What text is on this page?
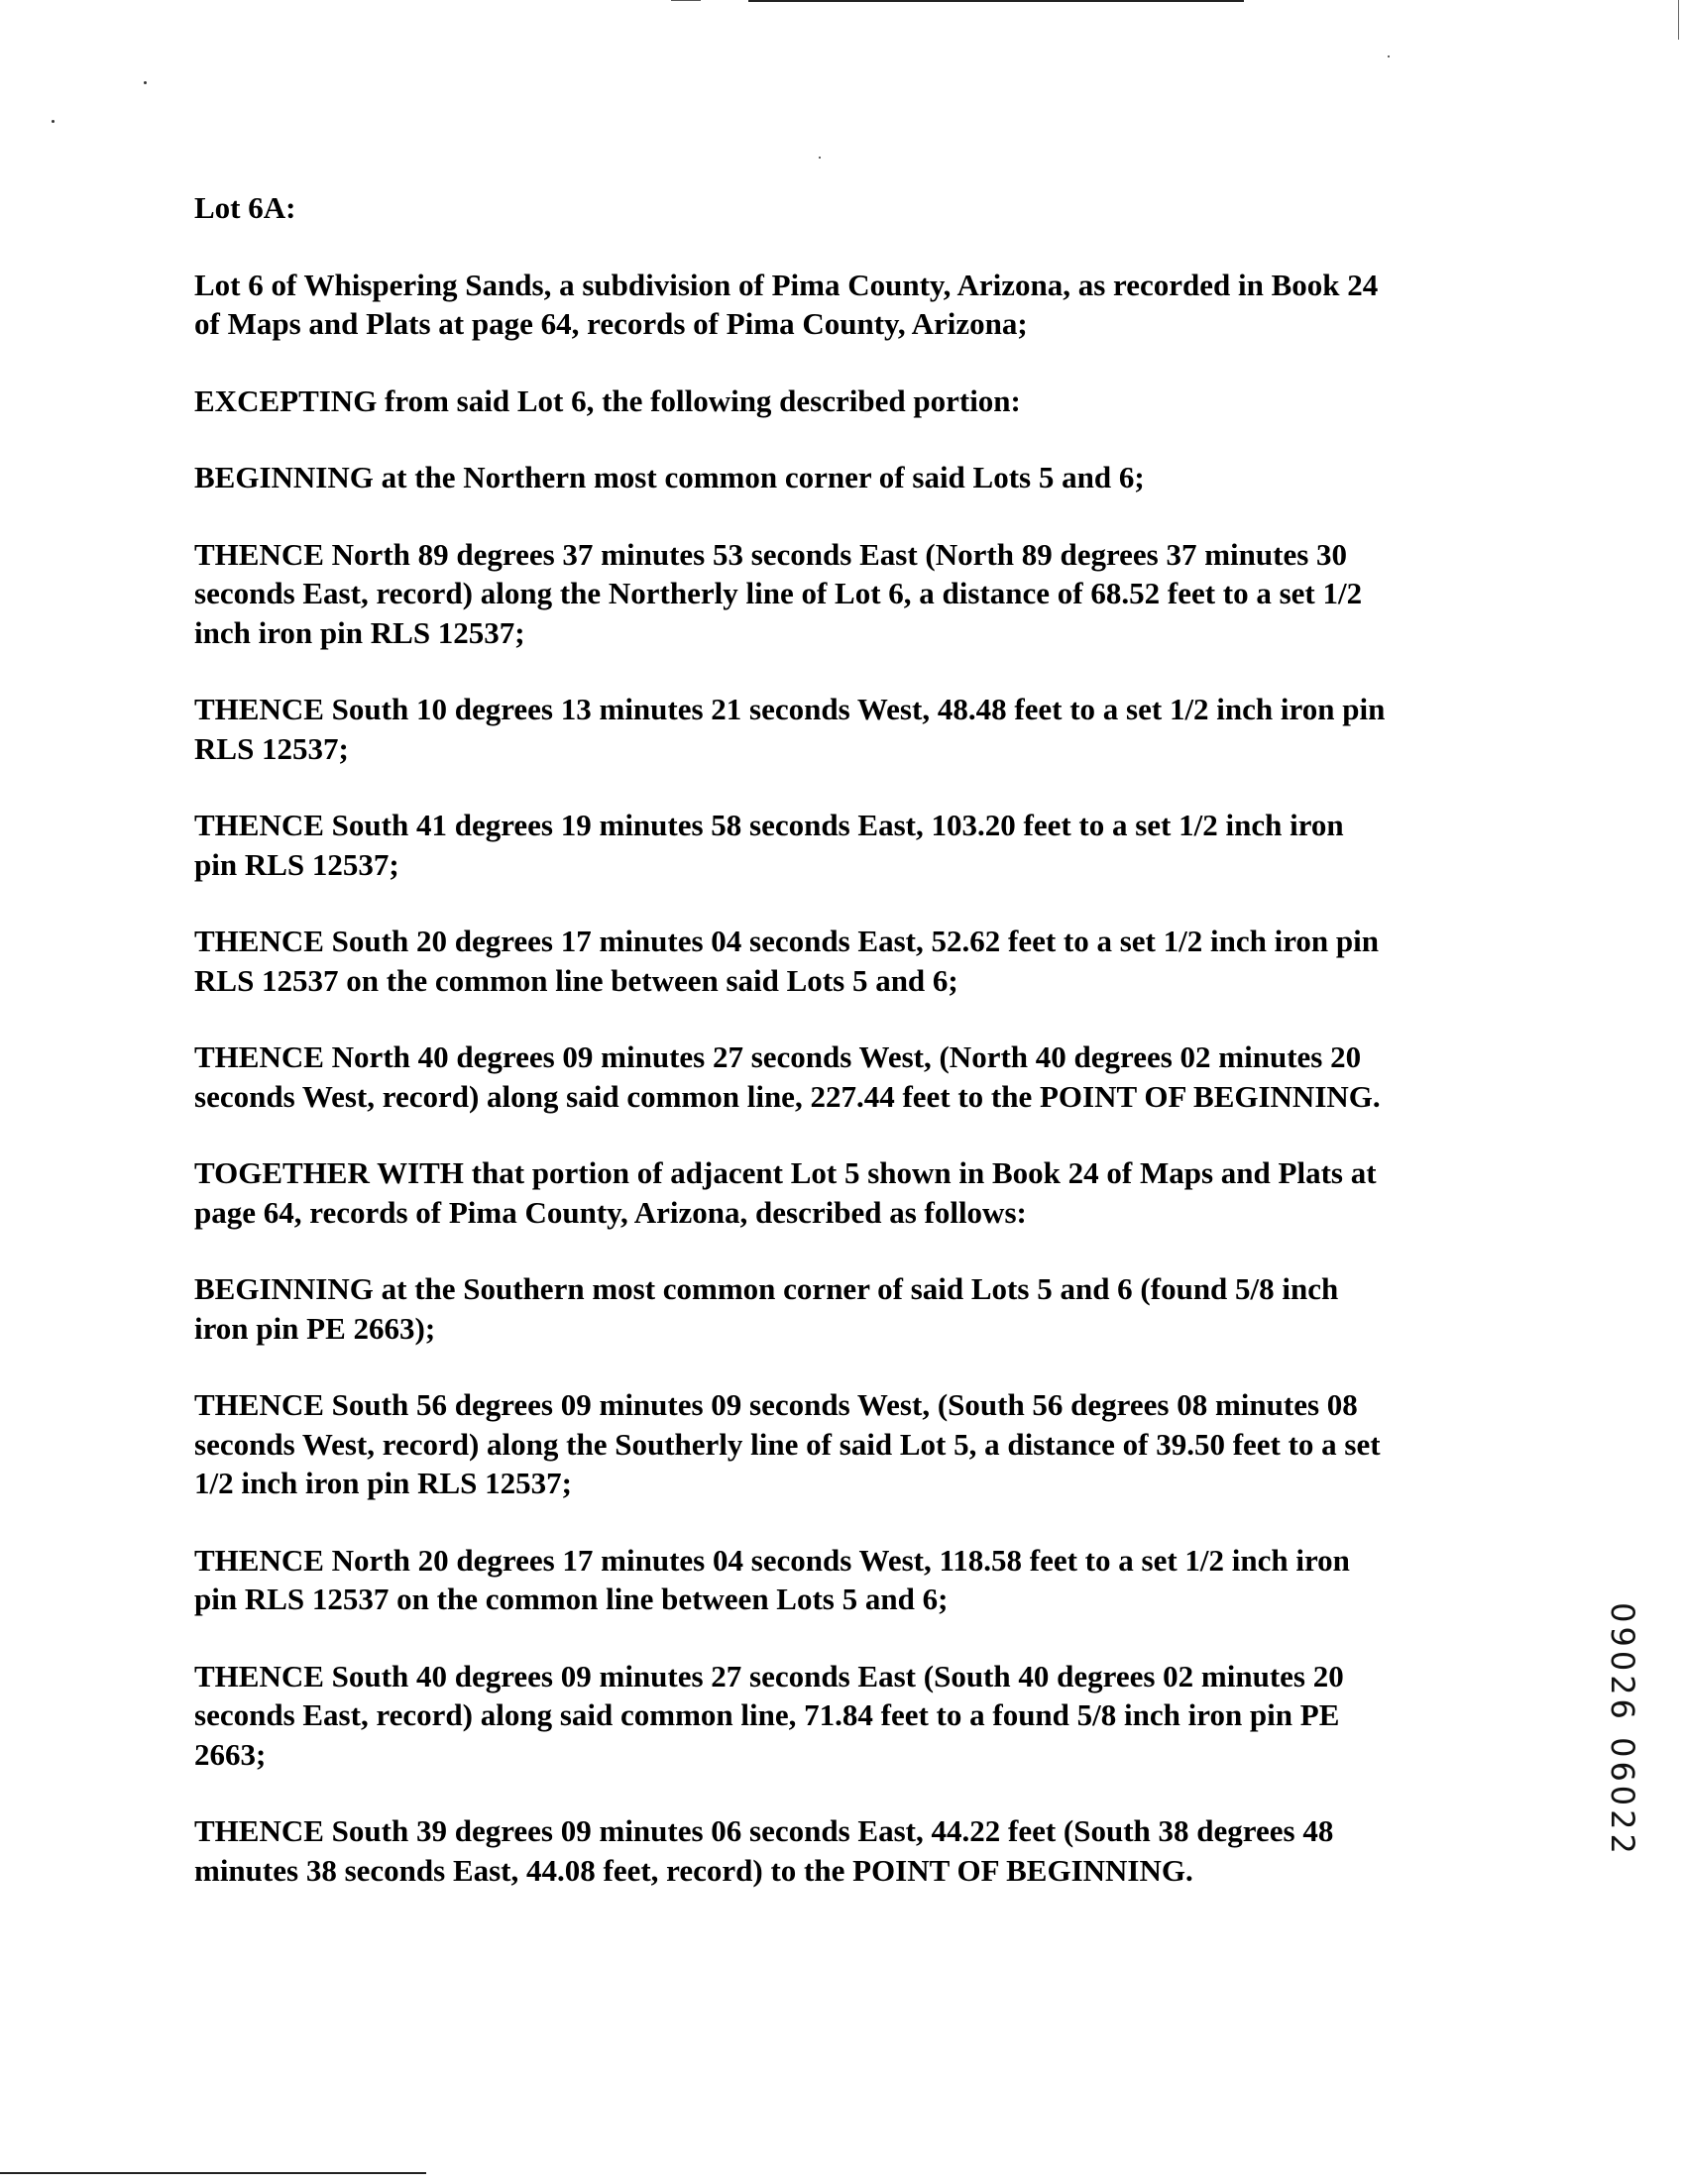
Lot 6A:
Lot 6 of Whispering Sands, a subdivision of Pima County, Arizona, as recorded in Book 24
of Maps and Plats at page 64, records of Pima County, Arizona;
EXCEPTING from said Lot 6, the following described portion:
BEGINNING at the Northern most common corner of said Lots 5 and 6;
THENCE North 89 degrees 37 minutes 53 seconds East (North 89 degrees 37 minutes 30
seconds East, record) along the Northerly line of Lot 6, a distance of 68.52 feet to a set 1/2
inch iron pin RLS 12537;
THENCE South 10 degrees 13 minutes 21 seconds West, 48.48 feet to a set 1/2 inch iron pin
RLS 12537;
THENCE South 41 degrees 19 minutes 58 seconds East, 103.20 feet to a set 1/2 inch iron
pin RLS 12537;
THENCE South 20 degrees 17 minutes 04 seconds East, 52.62 feet to a set 1/2 inch iron pin
RLS 12537 on the common line between said Lots 5 and 6;
THENCE North 40 degrees 09 minutes 27 seconds West, (North 40 degrees 02 minutes 20
seconds West, record) along said common line, 227.44 feet to the POINT OF BEGINNING.
TOGETHER WITH that portion of adjacent Lot 5 shown in Book 24 of Maps and Plats at
page 64, records of Pima County, Arizona, described as follows:
BEGINNING at the Southern most common corner of said Lots 5 and 6 (found 5/8 inch
iron pin PE 2663);
THENCE South 56 degrees 09 minutes 09 seconds West, (South 56 degrees 08 minutes 08
seconds West, record) along the Southerly line of said Lot 5, a distance of 39.50 feet to a set
1/2 inch iron pin RLS 12537;
THENCE North 20 degrees 17 minutes 04 seconds West, 118.58 feet to a set 1/2 inch iron
pin RLS 12537 on the common line between Lots 5 and 6;
THENCE South 40 degrees 09 minutes 27 seconds East (South 40 degrees 02 minutes 20
seconds East, record) along said common line, 71.84 feet to a found 5/8 inch iron pin PE
2663;
THENCE South 39 degrees 09 minutes 06 seconds East, 44.22 feet (South 38 degrees 48
minutes 38 seconds East, 44.08 feet, record) to the POINT OF BEGINNING.
09026 06022
